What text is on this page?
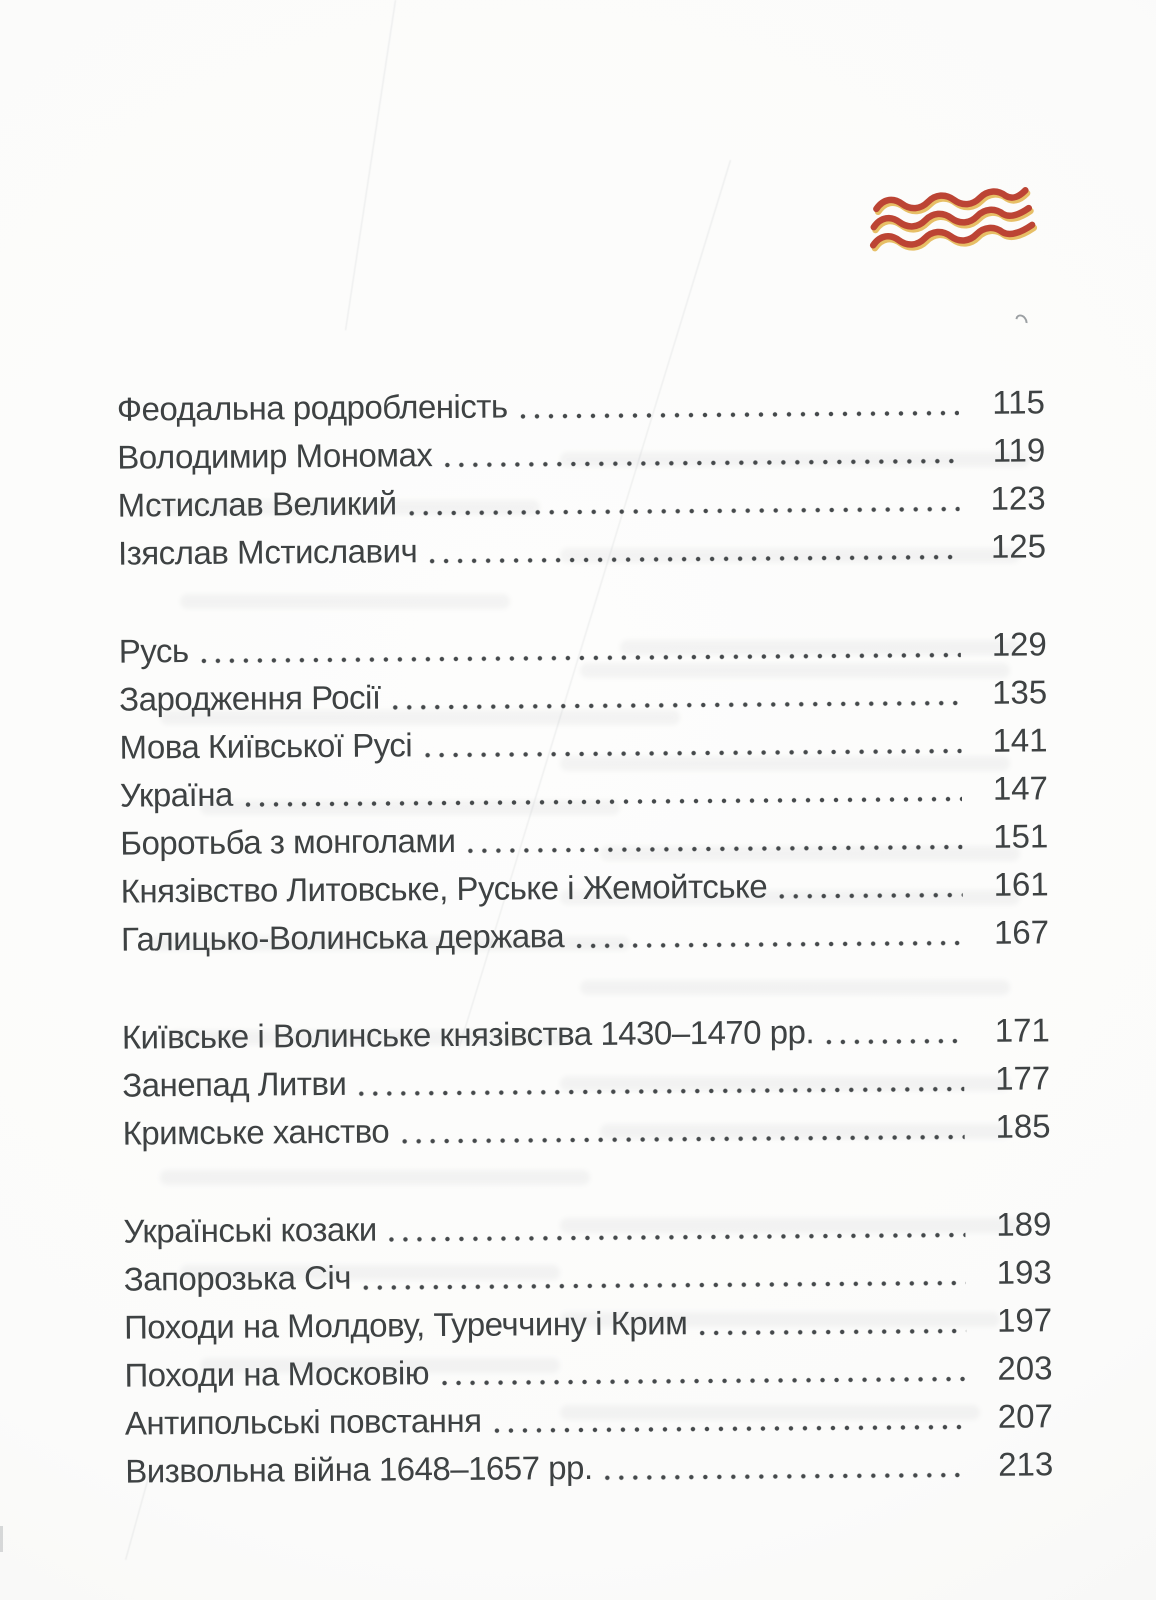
Феодальна родробленість	115
Володимир Мономах	119
Мстислав Великий	123
Ізяслав Мстиславич	125
Русь	129
Зародження Росії	135
Мова Київської Русі	141
Україна	147
Боротьба з монголами	151
Князівство Литовське, Руське і Жемойтське	161
Галицько-Волинська держава	167
Київське і Волинське князівства 1430–1470 рр.	171
Занепад Литви	177
Кримське ханство	185
Українські козаки	189
Запорозька Січ	193
Походи на Молдову, Туреччину і Крим	197
Походи на Московію	203
Антипольські повстання	207
Визвольна війна 1648–1657 рр.	213
